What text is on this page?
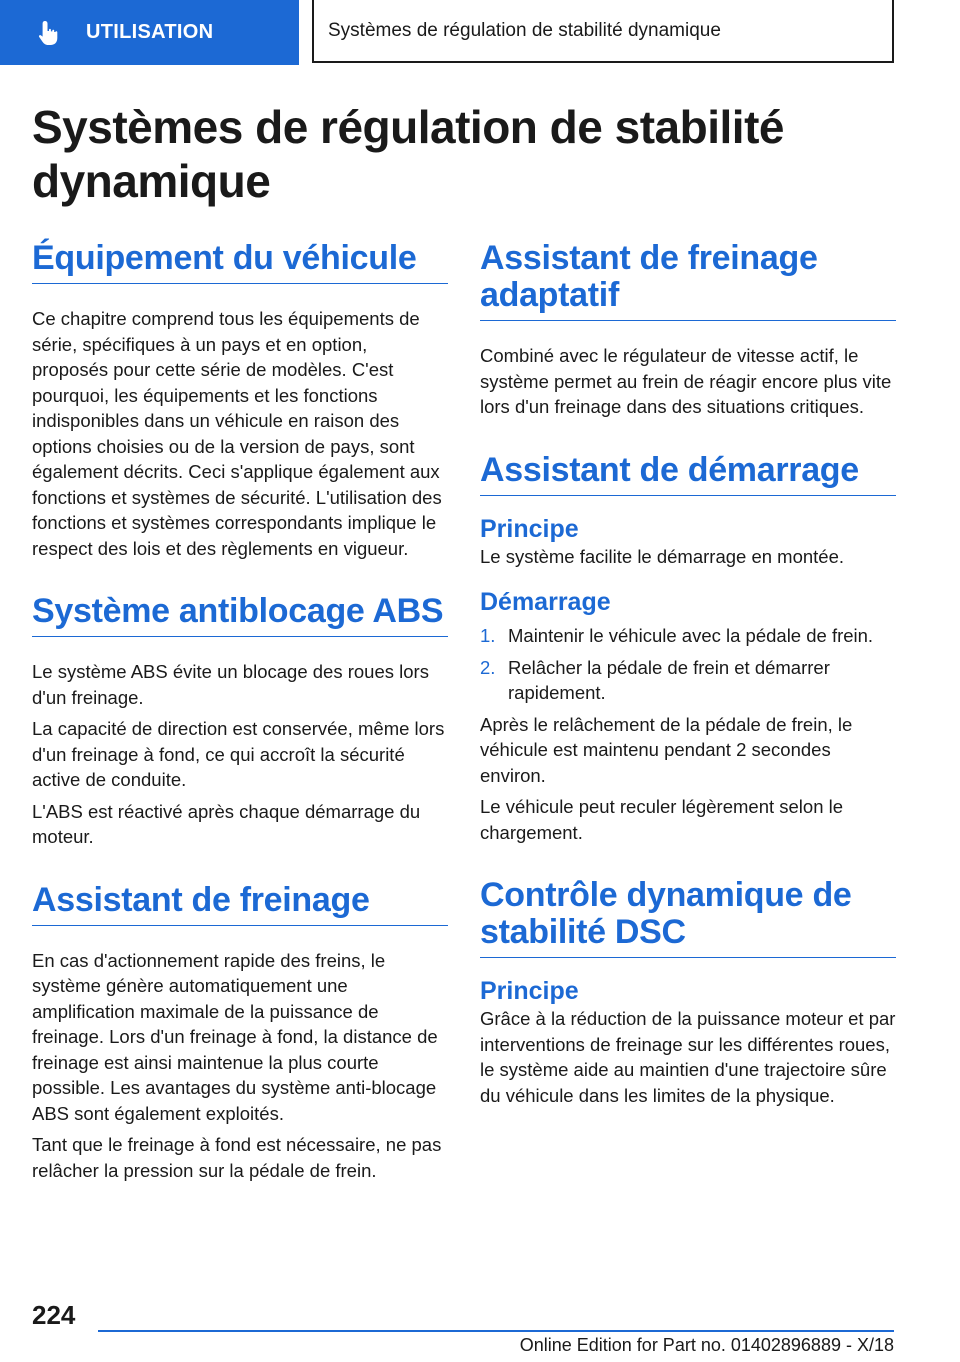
UTILISATION	Systèmes de régulation de stabilité dynamique
Systèmes de régulation de stabilité dynamique
Équipement du véhicule

Ce chapitre comprend tous les équipements de série, spécifiques à un pays et en option, proposés pour cette série de modèles. C'est pourquoi, les équipements et les fonctions indisponibles dans un véhicule en raison des options choisies ou de la version de pays, sont également décrits. Ceci s'applique également aux fonctions et systèmes de sécurité. L'utilisation des fonctions et systèmes correspondants implique le respect des lois et des règlements en vigueur.

Système antiblocage ABS

Le système ABS évite un blocage des roues lors d'un freinage.

La capacité de direction est conservée, même lors d'un freinage à fond, ce qui accroît la sécurité active de conduite.

L'ABS est réactivé après chaque démarrage du moteur.

Assistant de freinage

En cas d'actionnement rapide des freins, le système génère automatiquement une amplification maximale de la puissance de freinage. Lors d'un freinage à fond, la distance de freinage est ainsi maintenue la plus courte possible. Les avantages du système anti-blocage ABS sont également exploités.

Tant que le freinage à fond est nécessaire, ne pas relâcher la pression sur la pédale de frein.

Assistant de freinage adaptatif

Combiné avec le régulateur de vitesse actif, le système permet au frein de réagir encore plus vite lors d'un freinage dans des situations critiques.

Assistant de démarrage
Principe

Le système facilite le démarrage en montée.

Démarrage
1. Maintenir le véhicule avec la pédale de frein.
2. Relâcher la pédale de frein et démarrer rapidement.

Après le relâchement de la pédale de frein, le véhicule est maintenu pendant 2 secondes environ.

Le véhicule peut reculer légèrement selon le chargement.

Contrôle dynamique de stabilité DSC
Principe

Grâce à la réduction de la puissance moteur et par interventions de freinage sur les différentes roues, le système aide au maintien d'une trajectoire sûre du véhicule dans les limites de la physique.

224
Online Edition for Part no. 01402896889 - X/18
